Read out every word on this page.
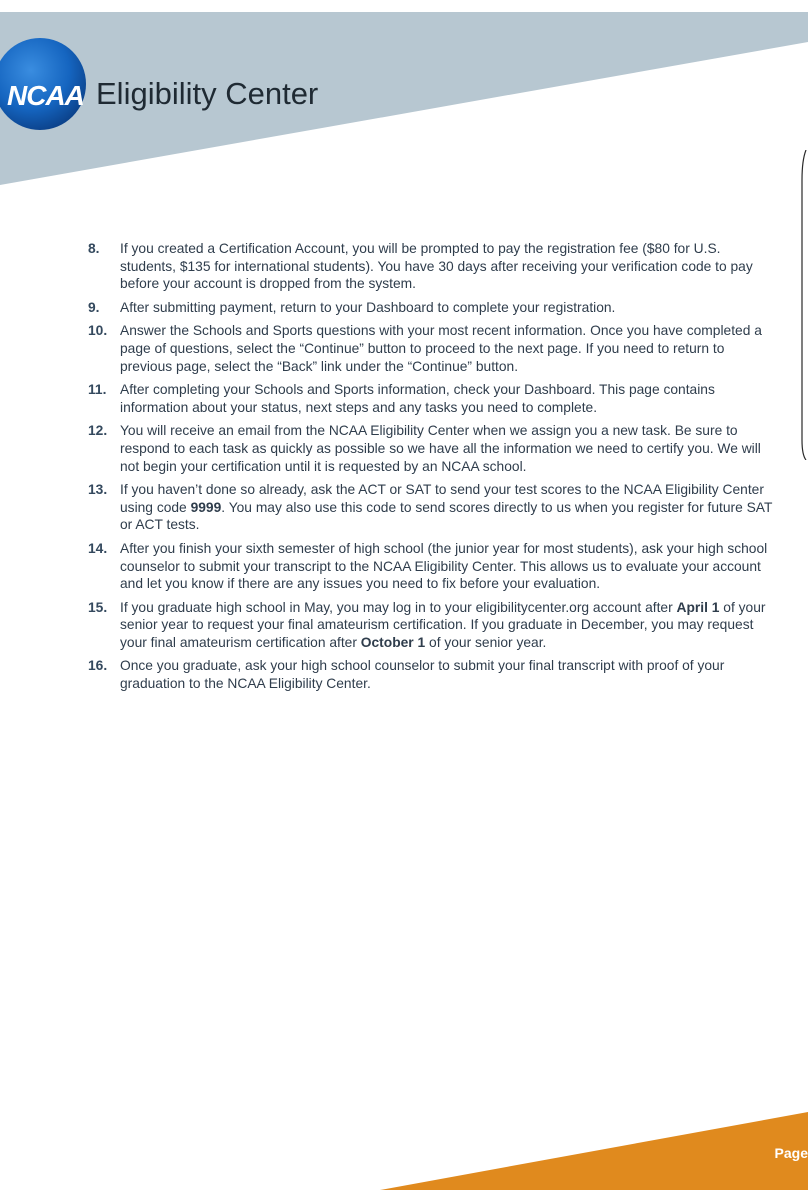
NCAA Eligibility Center
8.	If you created a Certification Account, you will be prompted to pay the registration fee ($80 for U.S. students, $135 for international students). You have 30 days after receiving your verification code to pay before your account is dropped from the system.
9.	After submitting payment, return to your Dashboard to complete your registration.
10. Answer the Schools and Sports questions with your most recent information. Once you have completed a page of questions, select the “Continue” button to proceed to the next page. If you need to return to previous page, select the “Back” link under the “Continue” button.
11. After completing your Schools and Sports information, check your Dashboard. This page contains information about your status, next steps and any tasks you need to complete.
12. You will receive an email from the NCAA Eligibility Center when we assign you a new task. Be sure to respond to each task as quickly as possible so we have all the information we need to certify you. We will not begin your certification until it is requested by an NCAA school.
13. If you haven’t done so already, ask the ACT or SAT to send your test scores to the NCAA Eligibility Center using code 9999. You may also use this code to send scores directly to us when you register for future SAT or ACT tests.
14. After you finish your sixth semester of high school (the junior year for most students), ask your high school counselor to submit your transcript to the NCAA Eligibility Center. This allows us to evaluate your account and let you know if there are any issues you need to fix before your evaluation.
15. If you graduate high school in May, you may log in to your eligibilitycenter.org account after April 1 of your senior year to request your final amateurism certification. If you graduate in December, you may request your final amateurism certification after October 1 of your senior year.
16. Once you graduate, ask your high school counselor to submit your final transcript with proof of your graduation to the NCAA Eligibility Center.
Page
